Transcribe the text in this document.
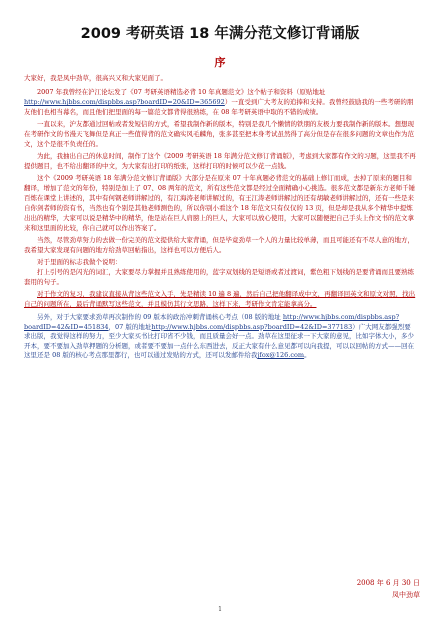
2009 考研英语 18 年满分范文修订背诵版
序

大家好，我是凤中劲草，很高兴又和大家见面了。

2007 年我曾经在沪江论坛发了《07 考研英语精选必背 10 年真题范文》这个帖子和资料（原贴地址http://www.hjbbs.com/dispbbs.asp?boardID=20&ID=365692）一直受到广大考友的追捧和支持。我曾经鼓励我的一些考研的朋友他们也相当幕名，而且他们把里面的每一篇范文都背得很熟练，在 08 年考研英语中取的不错的成绩。

一直以来，沪友都通过回帖或者发短信的方式，希望我制作新的版本，特别是我几个懒情的铁朋的友极力要我制作新的版本。想想现在考研作文的书漫天飞舞但是真正一些值得背的范文确实风毛麟角，张多甚至把本身考试虽然得了高分但是存在很多问题的文章也作为范文，这个是很不负责任的。

为此，我抽出自己的休息时间，制作了这个《2009 考研英语 18 年满分范文修订背诵版》，考虑到大家都有作文的习题，这里我不再提供题目，也不给出翻译的中文，为大家有出打印的纸张，这样打印的时候可以少花一点钱。

这个《2009 考研英语 18 年满分范文修订背诵版》大部分是在原来 07 十年真题必背范文的基础上修订而成，去掉了原来的题目和翻译，增加了范文的年份，特别是加上了 07、08 两年的范文，所有这些范文都是经过全面精确小心挑选。很多范文都是新东方老师千锤百炼在课堂上讲述的，其中有何钢老师讲解过的，有江海涛老师讲解过的，有王江涛老师讲解过的还有胡敏老师讲解过的，还有一些是来自你剑者师的资有书，当然也有个别是其他老师测色的，所以你别小看这个 18 年范文只有仅仅的 13 页，但是却是我从多个精华中提炼出出的精华，大家可以说是精华中的精华，他是站在巨人肩膀上的巨人，大家可以放心使用，大家可以随便把自己手头上作文书的范文拿来和这里面的比较，你自己就可以作出答案了。

当然，尽管劲草努力的去做一份完美的范文提供给大家背诵，但是毕竟劲草一个人的力量比较单薄，而且可能还有不尽人意的地方，我希望大家发现有问题的地方给劲草回帖指出，这样也可以方便后人。

对于里面的标志我做个说明：

打上引号的是闪光的词汇，大家要尽力掌握并且熟练使用的，蓝字双划线的是短语或者过渡词，紫色粗下划线的是要背诵而且要熟练套用的句子。

对于作文的复习，我建议直接从背这些范文入手，先是精读 10 遍 8 遍，然后自己把他翻译成中文，再翻译回英文和原文对照，找出自己的问题所在，最后背诵默写这些范文，并且模仿其行文思路，这样下来，考研作文肯定能拿高分。

另外，对于大家要求劲草再次制作的 09 版本的政治冲刺背诵核心考点（08 版的地址 http://www.hjbbs.com/dispbbs.asp?boardID=42&ID=451834，07 版的地址http://www.hjbbs.com/dispbbs.asp?boardID=42&ID=377183）广大网友都强烈要求出版，我觉得这样的努力，至少大家买书比打印省不少钱，而且质量会好一点。劲草在这里征求一下大家的意见，比如字体大小，多少开本，要不要加入劲草押题的分析题，或者要不要加一点什么东西进去，反正大家有什么意见都可以向我提，可以以回帖的方式——回在这里还是 08 版的核心考点那里都行，也可以通过发贴的方式，还可以发邮件给我jfox@126.com。

2008 年 6 月 30 日
凤中劲草
1
